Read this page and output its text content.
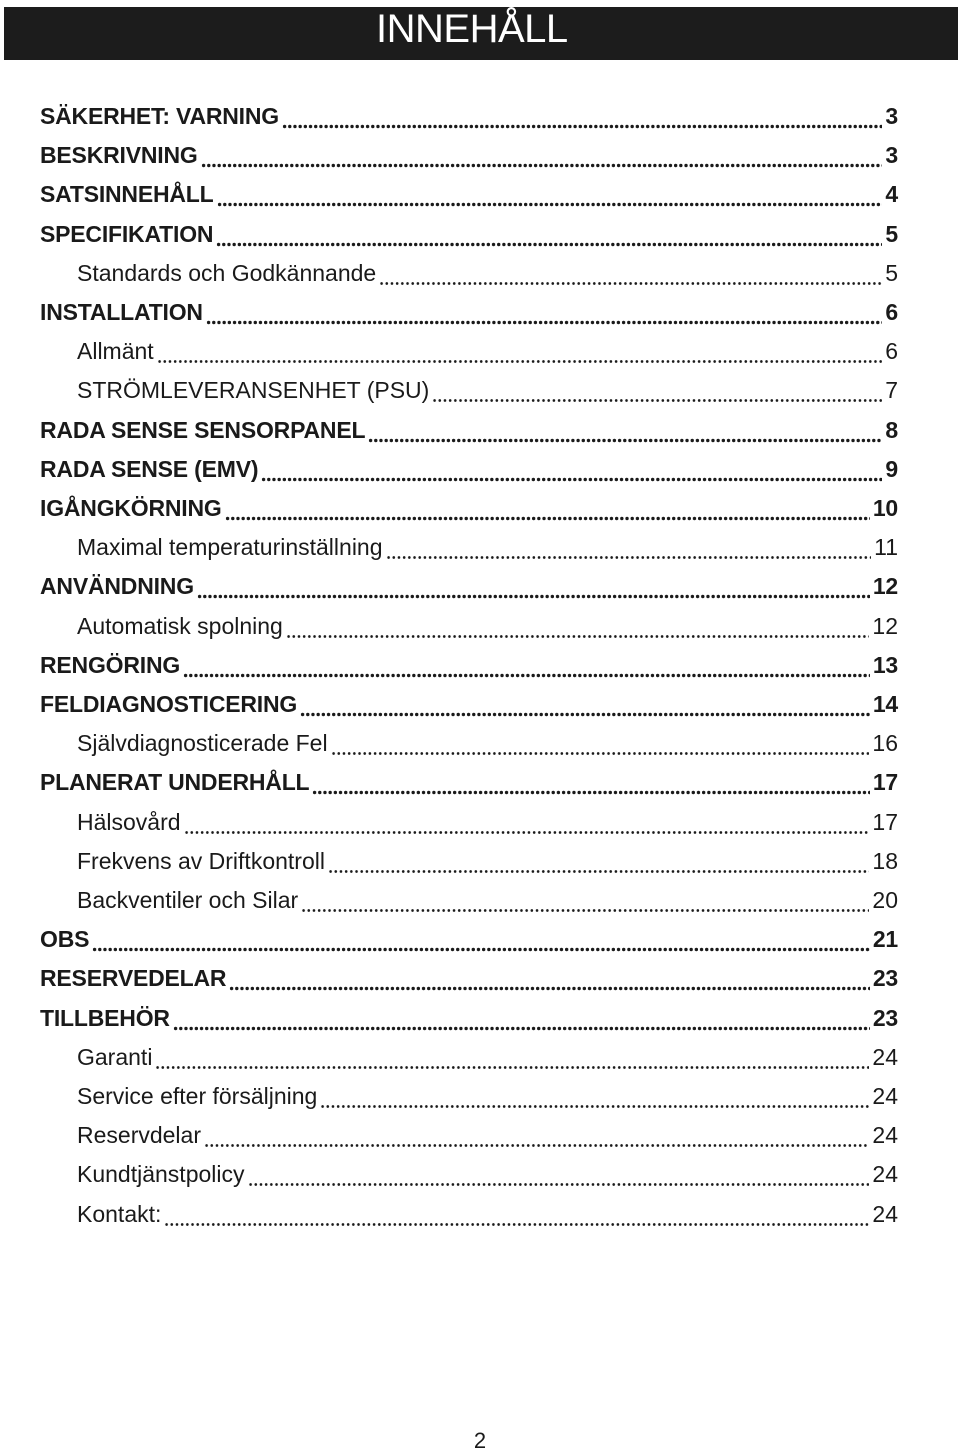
INNEHÅLL
SÄKERHET: VARNING	3
BESKRIVNING	3
SATSINNEHÅLL	4
SPECIFIKATION	5
Standards och Godkännande	5
INSTALLATION	6
Allmänt	6
STRÖMLEVERANSENHET (PSU)	7
RADA SENSE SENSORPANEL	8
RADA SENSE (EMV)	9
IGÅNGKÖRNING	10
Maximal temperaturinställning	11
ANVÄNDNING	12
Automatisk spolning	12
RENGÖRING	13
FELDIAGNOSTICERING	14
Självdiagnosticerade Fel	16
PLANERAT UNDERHÅLL	17
Hälsovård	17
Frekvens av Driftkontroll	18
Backventiler och Silar	20
OBS	21
RESERVEDELAR	23
TILLBEHÖR	23
Garanti	24
Service efter försäljning	24
Reservdelar	24
Kundtjänstpolicy	24
Kontakt:	24
2
